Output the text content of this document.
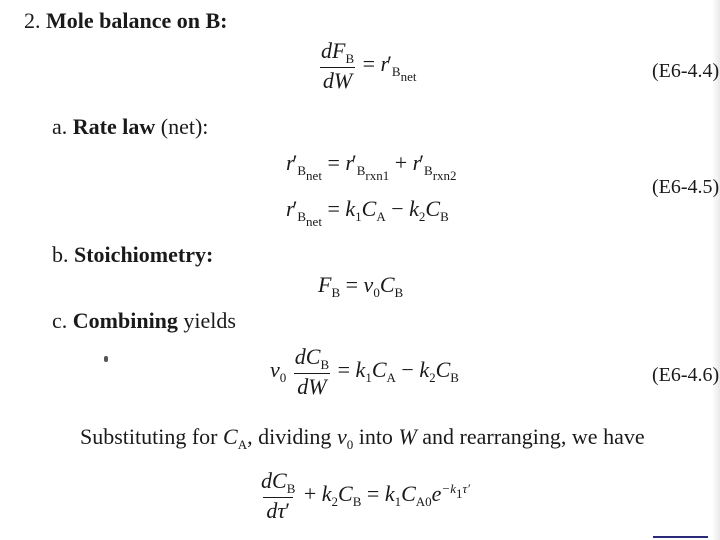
2. Mole balance on B:
$\frac{dF_B}{dW} = r$ ′ $_{B_{net}}$	(E6-4.4)
a. Rate law (net):
r ′ $_{B_{net}}$ = r ′ $_{B_{rxn1}}$ + r ′ $_{B_{rxn2}}$
(E6-4.5)
r ′ $_{B_{net}} = k_1C_A - k_2C_B$
b. Stoichiometry:
$F_B = v_0C_B$
c. Combining yields
$v_0 \frac{dC_B}{dW} = k_1C_A - k_2C_B$	(E6-4.6)
Substituting for $C_A$, dividing $v_0$ into W and rearranging, we have
$\frac{dC_B}{d\tau'} + k_2C_B = k_1C_{A0}e^{-k_1\tau'}$
